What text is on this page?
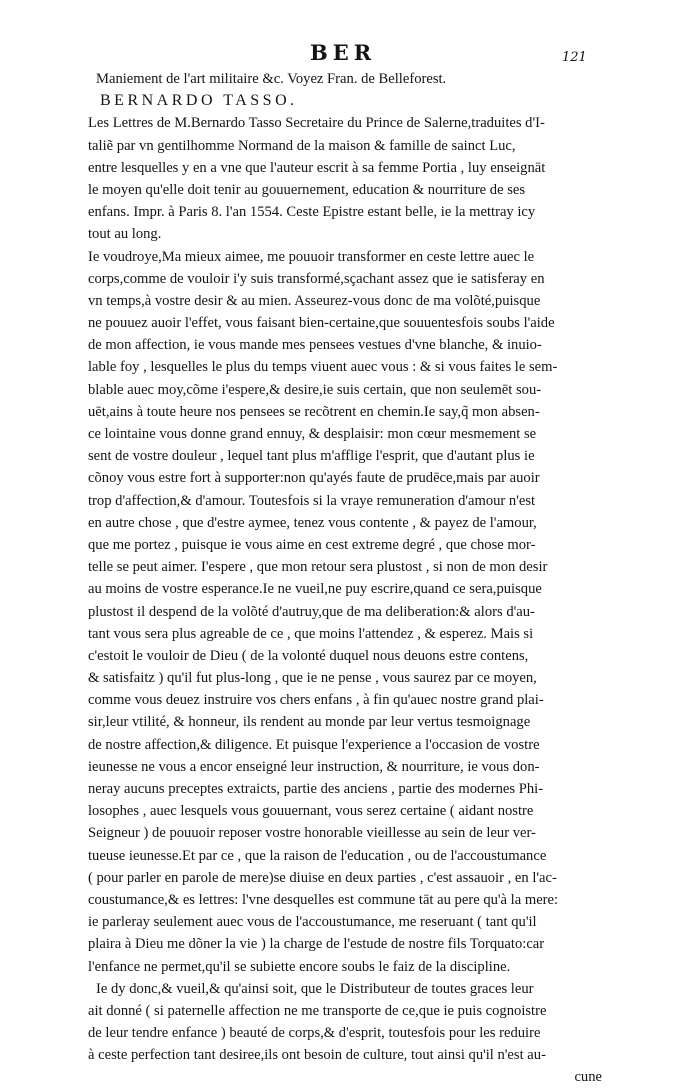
BER	121
Maniement de l'art militaire &c. Voyez Fran. de Belleforest.
BERNARDO TASSO.
Les Lettres de M.Bernardo Tasso Secretaire du Prince de Salerne,traduites d'I-
taliẽ par vn gentilhomme Normand de la maison & famille de sainct Luc,
entre lesquelles y en a vne que l'auteur escrit à sa femme Portia , luy enseignāt
le moyen qu'elle doit tenir au gouuernement, education & nourriture de ses
enfans. Impr. à Paris 8. l'an 1554. Ceste Epistre estant belle, ie la mettray icy
tout au long.
Ie voudroye,Ma mieux aimee, me pouuoir transformer en ceste lettre auec le
corps,comme de vouloir i'y suis transformé,sçachant assez que ie satisferay en
vn temps,à vostre desir & au mien. Asseurez-vous donc de ma volõté,puisque
ne pouuez auoir l'effet, vous faisant bien-certaine,que souuentesfois soubs l'aide
de mon affection, ie vous mande mes pensees vestues d'vne blanche, & inuio-
lable foy , lesquelles le plus du temps viuent auec vous : & si vous faites le sem-
blable auec moy,cõme i'espere,& desire,ie suis certain, que non seulemēt sou-
uēt,ains à toute heure nos pensees se recõtrent en chemin.Ie say,q̃ mon absen-
ce lointaine vous donne grand ennuy, & desplaisir: mon cœur mesmement se
sent de vostre douleur , lequel tant plus m'afflige l'esprit, que d'autant plus ie
cõnoy vous estre fort à supporter:non qu'ayés faute de prudēce,mais par auoir
trop d'affection,& d'amour. Toutesfois si la vraye remuneration d'amour n'est
en autre chose , que d'estre aymee, tenez vous contente , & payez de l'amour,
que me portez , puisque ie vous aime en cest extreme degré , que chose mor-
telle se peut aimer. I'espere , que mon retour sera plustost , si non de mon desir
au moins de vostre esperance.Ie ne vueil,ne puy escrire,quand ce sera,puisque
plustost il despend de la volõté d'autruy,que de ma deliberation:& alors d'au-
tant vous sera plus agreable de ce , que moins l'attendez , & esperez. Mais si
c'estoit le vouloir de Dieu ( de la volonté duquel nous deuons estre contens,
& satisfaitz ) qu'il fut plus-long , que ie ne pense , vous saurez par ce moyen,
comme vous deuez instruire vos chers enfans , à fin qu'auec nostre grand plai-
sir,leur vtilité, & honneur, ils rendent au monde par leur vertus tesmoignage
de nostre affection,& diligence. Et puisque l'experience a l'occasion de vostre
ieunesse ne vous a encor enseigné leur instruction, & nourriture, ie vous don-
neray aucuns preceptes extraicts, partie des anciens , partie des modernes Phi-
losophes , auec lesquels vous gouuernant, vous serez certaine ( aidant nostre
Seigneur ) de pouuoir reposer vostre honorable vieillesse au sein de leur ver-
tueuse ieunesse.Et par ce , que la raison de l'education , ou de l'accoustumance
( pour parler en parole de mere)se diuise en deux parties , c'est assauoir , en l'ac-
coustumance,& es lettres: l'vne desquelles est commune tāt au pere qu'à la mere:
ie parleray seulement auec vous de l'accoustumance, me reseruant ( tant qu'il
plaira à Dieu me dõner la vie ) la charge de l'estude de nostre fils Torquato:car
l'enfance ne permet,qu'il se subiette encore soubs le faiz de la discipline.
Ie dy donc,& vueil,& qu'ainsi soit, que le Distributeur de toutes graces leur
ait donné ( si paternelle affection ne me transporte de ce,que ie puis cognoistre
de leur tendre enfance ) beauté de corps,& d'esprit, toutesfois pour les reduire
à ceste perfection tant desiree,ils ont besoin de culture, tout ainsi qu'il n'est au-
cune
